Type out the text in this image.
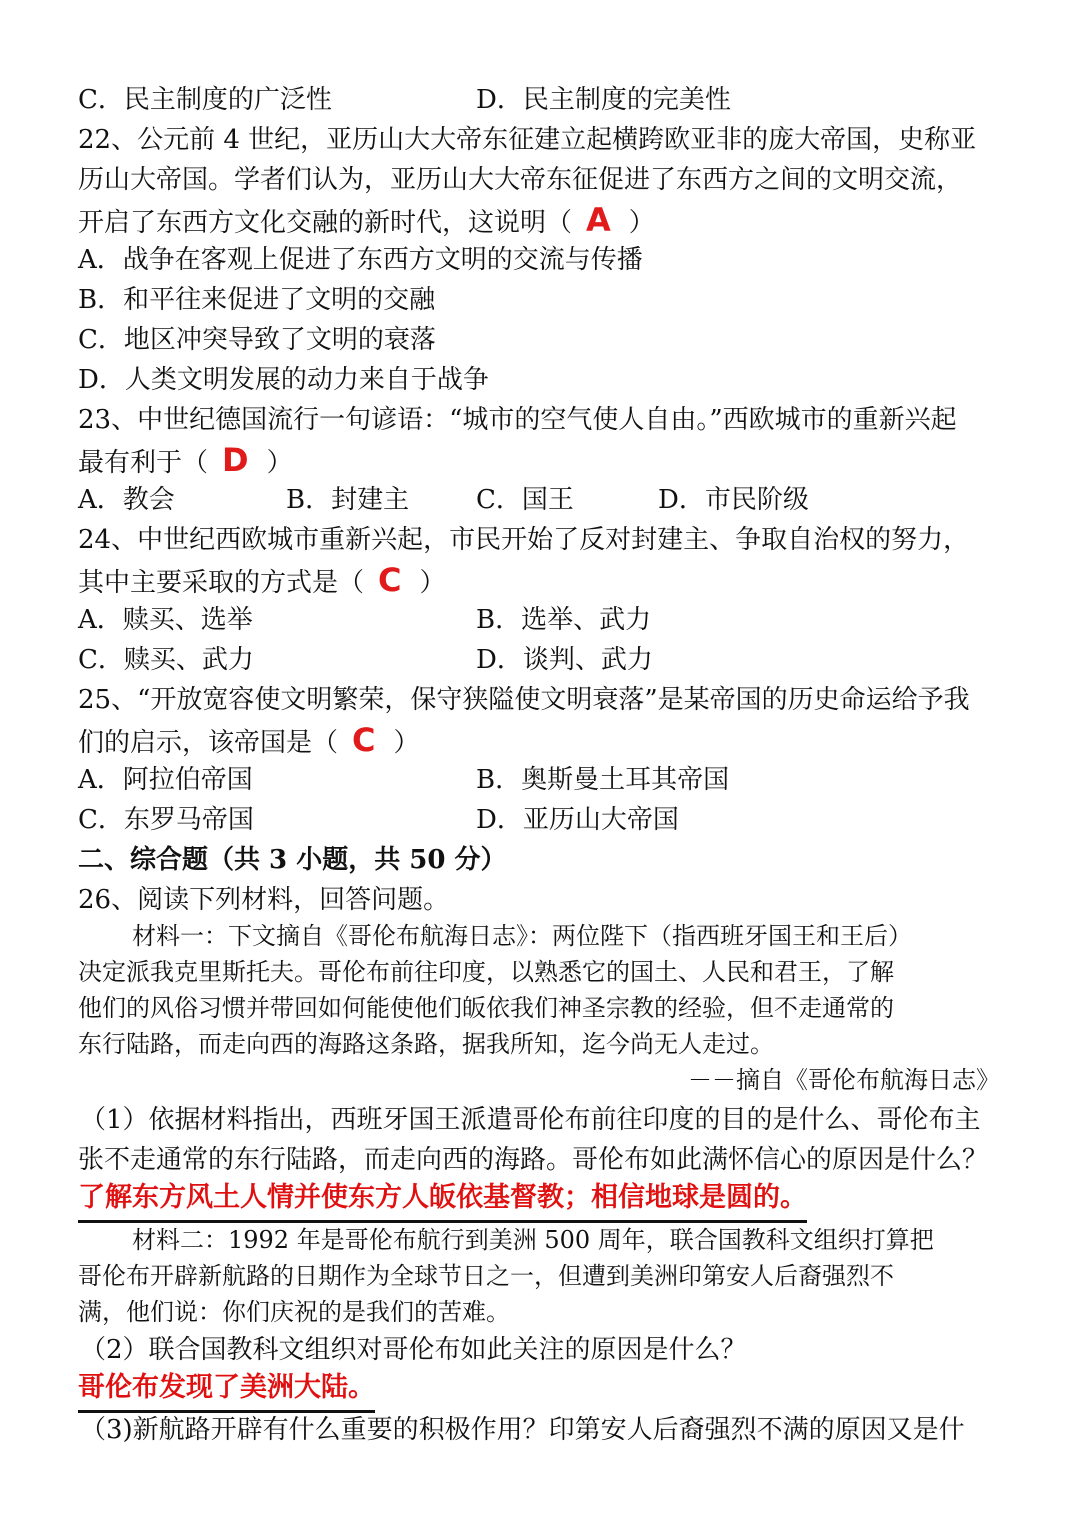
C．民主制度的广泛性	D．民主制度的完美性
22、公元前 4 世纪，亚历山大大帝东征建立起横跨欧亚非的庞大帝国，史称亚
历山大帝国。学者们认为，亚历山大大帝东征促进了东西方之间的文明交流，
开启了东西方文化交融的新时代，这说明（ A ）
A．战争在客观上促进了东西方文明的交流与传播
B．和平往来促进了文明的交融
C．地区冲突导致了文明的衰落
D．人类文明发展的动力来自于战争
23、中世纪德国流行一句谚语：“城市的空气使人自由。”西欧城市的重新兴起
最有利于（ D ）
A．教会	B．封建主	C．国王	D．市民阶级
24、中世纪西欧城市重新兴起，市民开始了反对封建主、争取自治权的努力，
其中主要采取的方式是（ C ）
A．赎买、选举	B．选举、武力
C．赎买、武力	D．谈判、武力
25、“开放宽容使文明繁荣，保守狭隘使文明衰落”是某帝国的历史命运给予我
们的启示，该帝国是（ C ）
A．阿拉伯帝国	B．奥斯曼土耳其帝国
C．东罗马帝国	D．亚历山大帝国
二、综合题（共 3 小题，共 50 分）
26、阅读下列材料，回答问题。
材料一：下文摘自《哥伦布航海日志》：两位陛下（指西班牙国王和王后）
决定派我克里斯托夫。哥伦布前往印度，以熟悉它的国土、人民和君王，了解
他们的风俗习惯并带回如何能使他们皈依我们神圣宗教的经验，但不走通常的
东行陆路，而走向西的海路这条路，据我所知，迄今尚无人走过。
－－摘自《哥伦布航海日志》
（1）依据材料指出，西班牙国王派遣哥伦布前往印度的目的是什么、哥伦布主
张不走通常的东行陆路，而走向西的海路。哥伦布如此满怀信心的原因是什么？
了解东方风土人情并使东方人皈依基督教；相信地球是圆的。
材料二：1992 年是哥伦布航行到美洲 500 周年，联合国教科文组织打算把
哥伦布开辟新航路的日期作为全球节日之一，但遭到美洲印第安人后裔强烈不
满，他们说：你们庆祝的是我们的苦难。
（2）联合国教科文组织对哥伦布如此关注的原因是什么？
哥伦布发现了美洲大陆。
（3)新航路开辟有什么重要的积极作用？印第安人后裔强烈不满的原因又是什
